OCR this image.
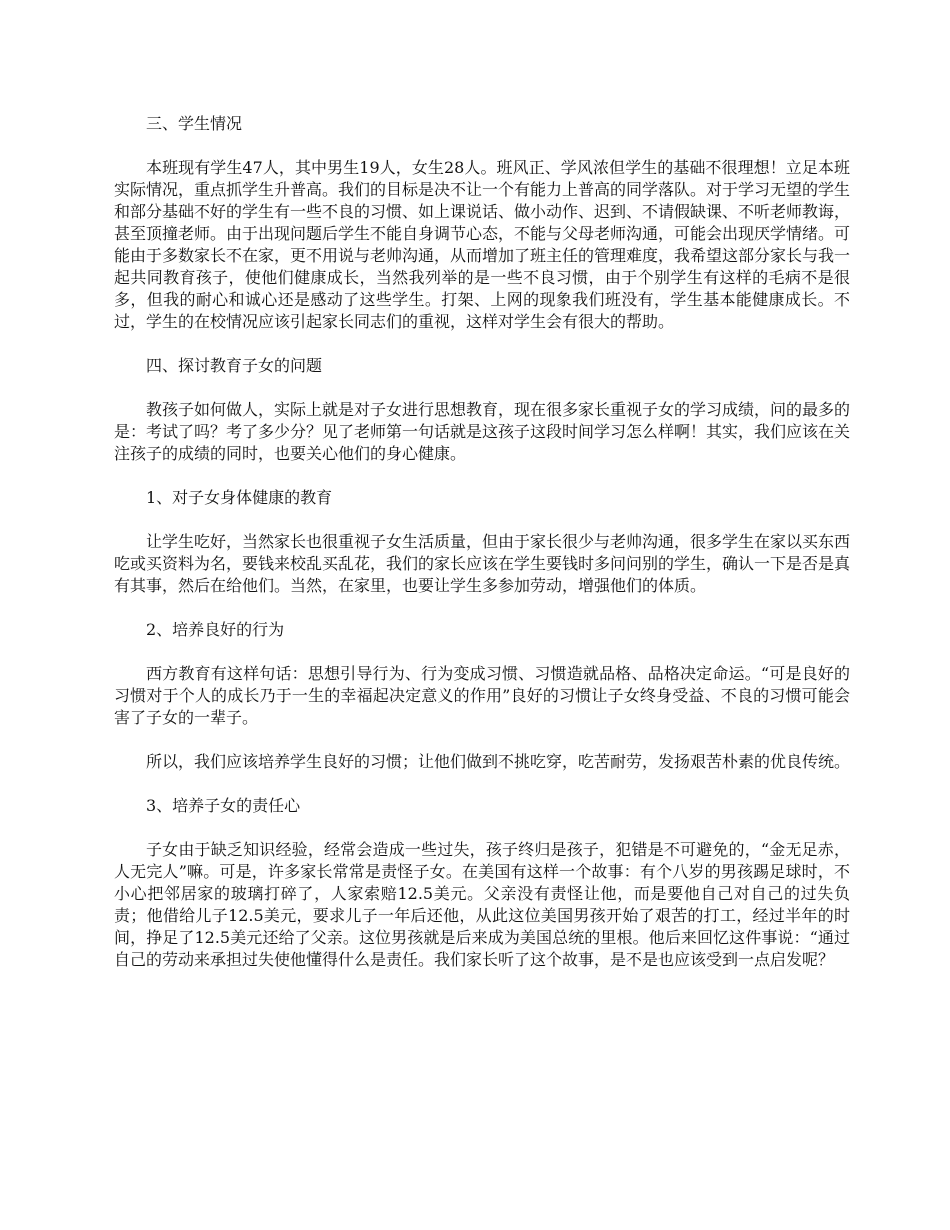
三、学生情况

本班现有学生47人，其中男生19人，女生28人。班风正、学风浓但学生的基础不很理想！立足本班实际情况，重点抓学生升普高。我们的目标是决不让一个有能力上普高的同学落队。对于学习无望的学生和部分基础不好的学生有一些不良的习惯、如上课说话、做小动作、迟到、不请假缺课、不听老师教诲，甚至顶撞老师。由于出现问题后学生不能自身调节心态，不能与父母老师沟通，可能会出现厌学情绪。可能由于多数家长不在家，更不用说与老帅沟通，从而增加了班主任的管理难度，我希望这部分家长与我一起共同教育孩子，使他们健康成长，当然我列举的是一些不良习惯，由于个别学生有这样的毛病不是很多，但我的耐心和诚心还是感动了这些学生。打架、上网的现象我们班没有，学生基本能健康成长。不过，学生的在校情况应该引起家长同志们的重视，这样对学生会有很大的帮助。

四、探讨教育子女的问题

教孩子如何做人，实际上就是对子女进行思想教育，现在很多家长重视子女的学习成绩，问的最多的是：考试了吗？考了多少分？见了老师第一句话就是这孩子这段时间学习怎么样啊！其实，我们应该在关注孩子的成绩的同时，也要关心他们的身心健康。

1、对子女身体健康的教育

让学生吃好，当然家长也很重视子女生活质量，但由于家长很少与老帅沟通，很多学生在家以买东西吃或买资料为名，要钱来校乱买乱花，我们的家长应该在学生要钱时多问问别的学生，确认一下是否是真有其事，然后在给他们。当然，在家里，也要让学生多参加劳动，增强他们的体质。

2、培养良好的行为

西方教育有这样句话：思想引导行为、行为变成习惯、习惯造就品格、品格决定命运。“可是良好的习惯对于个人的成长乃于一生的幸福起决定意义的作用”良好的习惯让子女终身受益、不良的习惯可能会害了子女的一辈子。

所以，我们应该培养学生良好的习惯；让他们做到不挑吃穿，吃苦耐劳，发扬艰苦朴素的优良传统。

3、培养子女的责任心

子女由于缺乏知识经验，经常会造成一些过失，孩子终归是孩子，犯错是不可避免的，“金无足赤，人无完人”嘛。可是，许多家长常常是责怪子女。在美国有这样一个故事：有个八岁的男孩踢足球时，不小心把邻居家的玻璃打碎了，人家索赔12.5美元。父亲没有责怪让他，而是要他自己对自己的过失负责；他借给儿子12.5美元，要求儿子一年后还他，从此这位美国男孩开始了艰苦的打工，经过半年的时间，挣足了12.5美元还给了父亲。这位男孩就是后来成为美国总统的里根。他后来回忆这件事说：“通过自己的劳动来承担过失使他懂得什么是责任。我们家长听了这个故事，是不是也应该受到一点启发呢？
